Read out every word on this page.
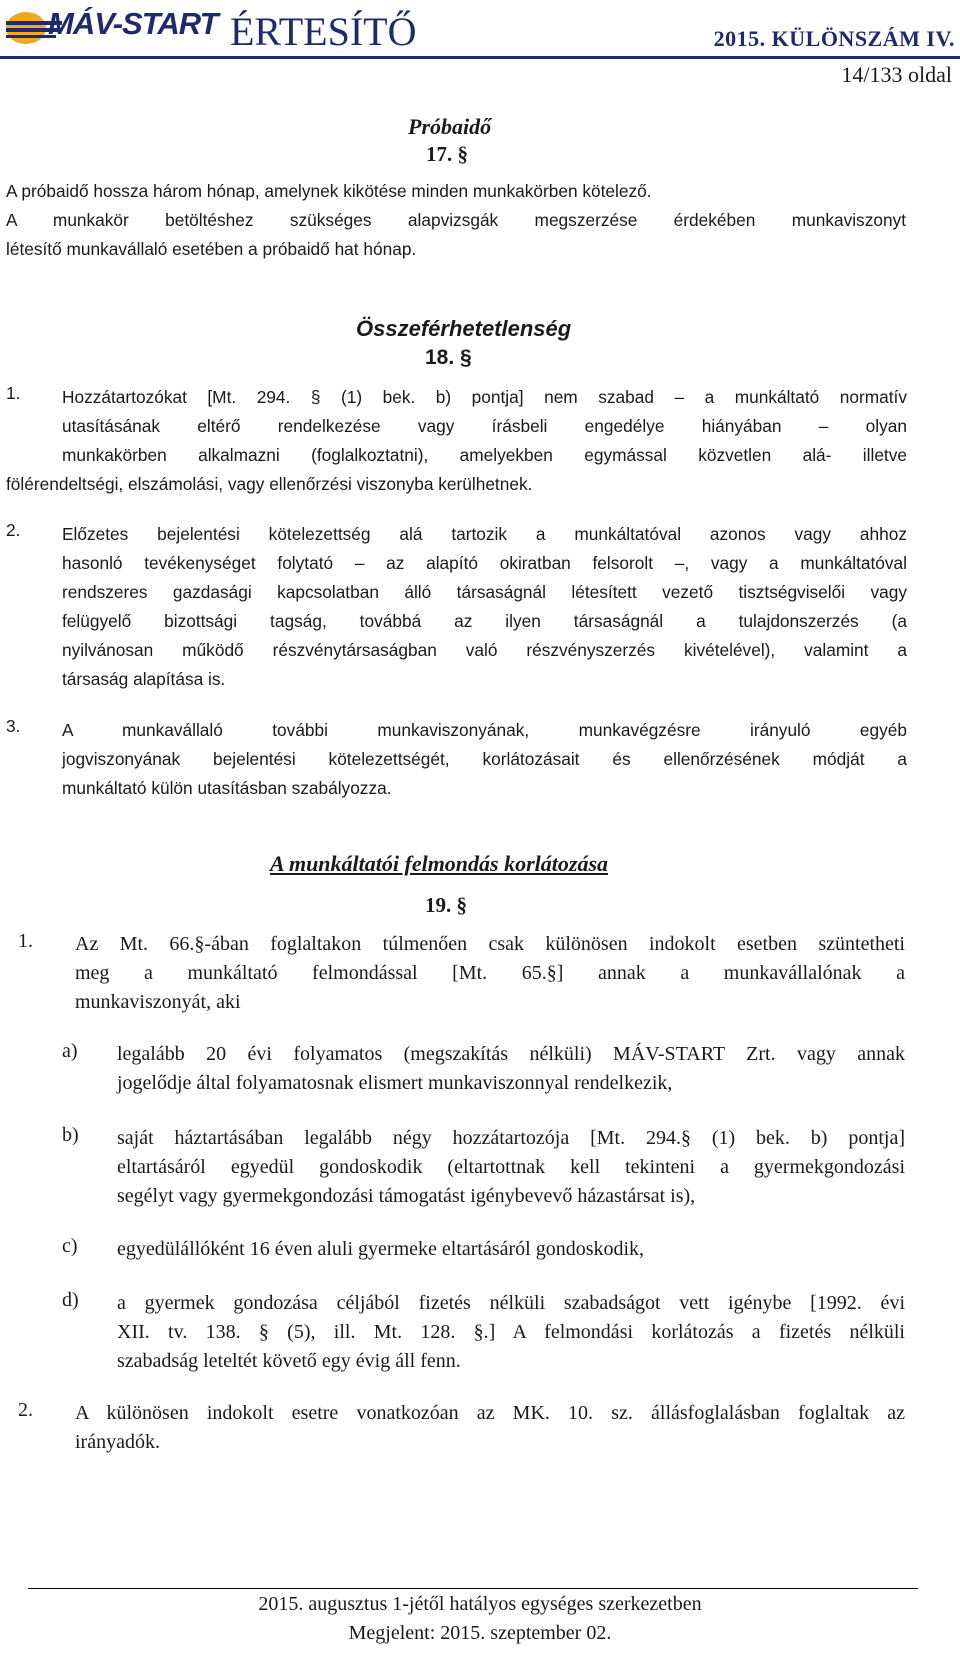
MÁV-START ÉRTESÍTŐ	2015. KÜLÖNSZÁM IV.
14/133 oldal
Próbaidő
17. §
A próbaidő hossza három hónap, amelynek kikötése minden munkakörben kötelező.
A munkakör betöltéshez szükséges alapvizsgák megszerzése érdekében munkaviszonyt
létesítő munkavállaló esetében a próbaidő hat hónap.
Összeférhetetlenség
18. §
1. Hozzátartozókat [Mt. 294. § (1) bek. b) pontja] nem szabad – a munkáltató normatív
utasításának eltérő rendelkezése vagy írásbeli engedélye hiányában – olyan
munkakörben alkalmazni (foglalkoztatni), amelyekben egymással közvetlen alá- illetve
fölérendeltségi, elszámolási, vagy ellenőrzési viszonyba kerülhetnek.
2. Előzetes bejelentési kötelezettség alá tartozik a munkáltatóval azonos vagy ahhoz
hasonló tevékenységet folytató – az alapító okiratban felsorolt –, vagy a munkáltatóval
rendszeres gazdasági kapcsolatban álló társaságnál létesített vezető tisztségviselői vagy
felügyelő bizottsági tagság, továbbá az ilyen társaságnál a tulajdonszerzés (a
nyilvánosan működő részvénytársaságban való részvényszerzés kivételével), valamint a
társaság alapítása is.
3. A munkavállaló további munkaviszonyának, munkavégzésre irányuló egyéb
jogviszonyának bejelentési kötelezettségét, korlátozásait és ellenőrzésének módját a
munkáltató külön utasításban szabályozza.
A munkáltatói felmondás korlátozása
19. §
1. Az Mt. 66.§-ában foglaltakon túlmenően csak különösen indokolt esetben szüntetheti
meg a munkáltató felmondással [Mt. 65.§] annak a munkavállalónak a
munkaviszonyát, aki
a) legalább 20 évi folyamatos (megszakítás nélküli) MÁV-START Zrt. vagy annak
jogelődje által folyamatosnak elismert munkaviszonnyal rendelkezik,
b) saját háztartásában legalább négy hozzátartozója [Mt. 294.§ (1) bek. b) pontja]
eltartásáról egyedül gondoskodik (eltartottnak kell tekinteni a gyermekgondozási
segélyt vagy gyermekgondozási támogatást igénybevevő házastársat is),
c) egyedülállóként 16 éven aluli gyermeke eltartásáról gondoskodik,
d) a gyermek gondozása céljából fizetés nélküli szabadságot vett igénybe [1992. évi
XII. tv. 138. § (5), ill. Mt. 128. §.] A felmondási korlátozás a fizetés nélküli
szabadság leteltét követő egy évig áll fenn.
2. A különösen indokolt esetre vonatkozóan az MK. 10. sz. állásfoglalásban foglaltak az
irányadók.
2015. augusztus 1-jétől hatályos egységes szerkezetben
Megjelent: 2015. szeptember 02.
